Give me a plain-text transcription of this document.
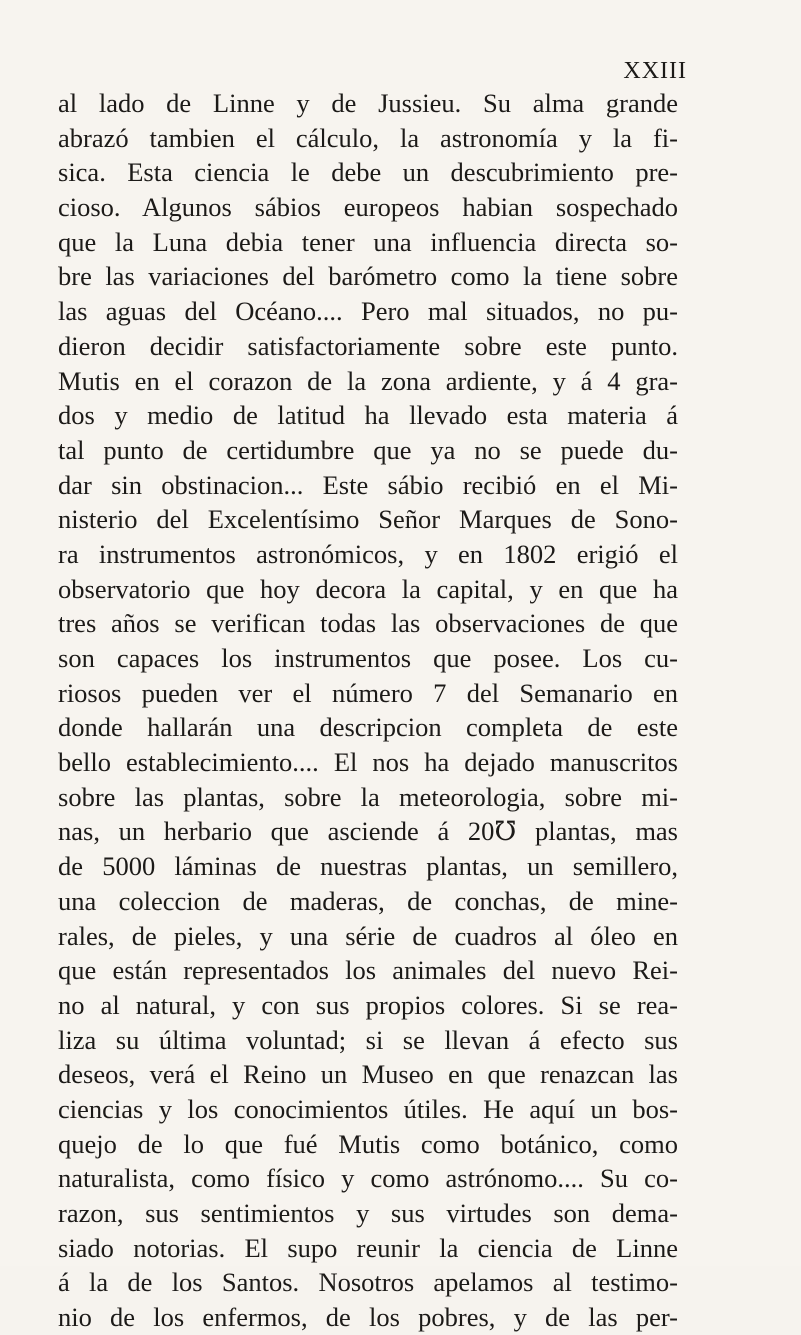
XXIII
al lado de Linne y de Jussieu. Su alma grande
abrazó tambien el cálculo, la astronomía y la fi-
sica. Esta ciencia le debe un descubrimiento pre-
cioso. Algunos sábios europeos habian sospechado
que la Luna debia tener una influencia directa so-
bre las variaciones del barómetro como la tiene sobre
las aguas del Océano.... Pero mal situados, no pu-
dieron decidir satisfactoriamente sobre este punto.
Mutis en el corazon de la zona ardiente, y á 4 gra-
dos y medio de latitud ha llevado esta materia á
tal punto de certidumbre que ya no se puede du-
dar sin obstinacion... Este sábio recibió en el Mi-
nisterio del Excelentísimo Señor Marques de Sono-
ra instrumentos astronómicos, y en 1802 erigió el
observatorio que hoy decora la capital, y en que ha
tres años se verifican todas las observaciones de que
son capaces los instrumentos que posee. Los cu-
riosos pueden ver el número 7 del Semanario en
donde hallarán una descripcion completa de este
bello establecimiento.... El nos ha dejado manuscritos
sobre las plantas, sobre la meteorologia, sobre mi-
nas, un herbario que asciende á 20℧ plantas, mas
de 5000 láminas de nuestras plantas, un semillero,
una coleccion de maderas, de conchas, de mine-
rales, de pieles, y una série de cuadros al óleo en
que están representados los animales del nuevo Rei-
no al natural, y con sus propios colores. Si se rea-
liza su última voluntad; si se llevan á efecto sus
deseos, verá el Reino un Museo en que renazcan las
ciencias y los conocimientos útiles. He aquí un bos-
quejo de lo que fué Mutis como botánico, como
naturalista, como físico y como astrónomo.... Su co-
razon, sus sentimientos y sus virtudes son dema-
siado notorias. El supo reunir la ciencia de Linne
á la de los Santos. Nosotros apelamos al testimo-
nio de los enfermos, de los pobres, y de las per-
